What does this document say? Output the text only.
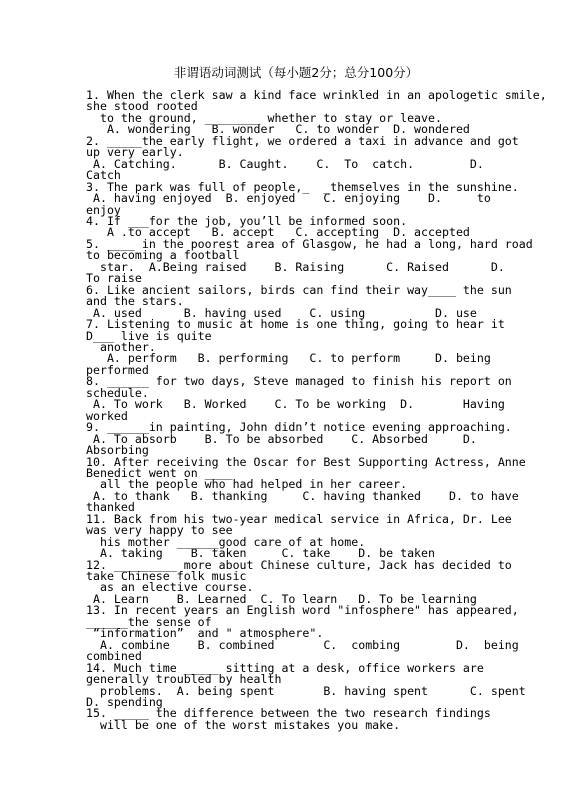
非谓语动词测试（每小题2分；总分100分）
1. When the clerk saw a kind face wrinkled in an apologetic smile,
she stood rooted
to the ground, ________ whether to stay or leave.
A. wondering   B. wonder   C. to wonder  D. wondered
2. _____the early flight, we ordered a taxi in advance and got
up very early.
A. Catching.      B. Caught.    C.  To  catch.        D.
Catch
3. The park was full of people,_  _themselves in the sunshine.
A. having enjoyed  B. enjoyed    C. enjoying    D.     to
enjoy
4. If ___for the job, you’ll be informed soon.
A .to accept   B. accept   C. accepting  D. accepted
5. ____ in the poorest area of Glasgow, he had a long, hard road
to becoming a football
star.  A.Being raised    B. Raising      C. Raised      D.
To raise
6. Like ancient sailors, birds can find their way____ the sun
and the stars.
A. used      B. having used    C. using          D. use
7. Listening to music at home is one thing, going to hear it
D___ live is quite
another.
A. perform   B. performing   C. to perform     D. being
performed
8. ______ for two days, Steve managed to finish his report on
schedule.
A. To work   B. Worked    C. To be working  D.       Having
worked
9. ______in painting, John didn’t notice evening approaching.
A. To absorb    B. To be absorbed    C. Absorbed     D.
Absorbing
10. After receiving the Oscar for Best Supporting Actress, Anne
Benedict went on ____
all the people who had helped in her career.
A. to thank   B. thanking     C. having thanked    D. to have
thanked
11. Back from his two-year medical service in Africa, Dr. Lee
was very happy to see
his mother ______good care of at home.
A. taking    B. taken     C. take    D. be taken
12. _________ more about Chinese culture, Jack has decided to
take Chinese folk music
as an elective course.
A. Learn    B. Learned  C. To learn   D. To be learning
13. In recent years an English word "infosphere" has appeared,
______the sense of
“information”  and " atmosphere".
A. combine    B. combined       C.  combing        D.  being
combined
14. Much time _____ sitting at a desk, office workers are
generally troubled by health
problems.  A. being spent       B. having spent      C. spent
D. spending
15. _____ the difference between the two research findings
will be one of the worst mistakes you make.
